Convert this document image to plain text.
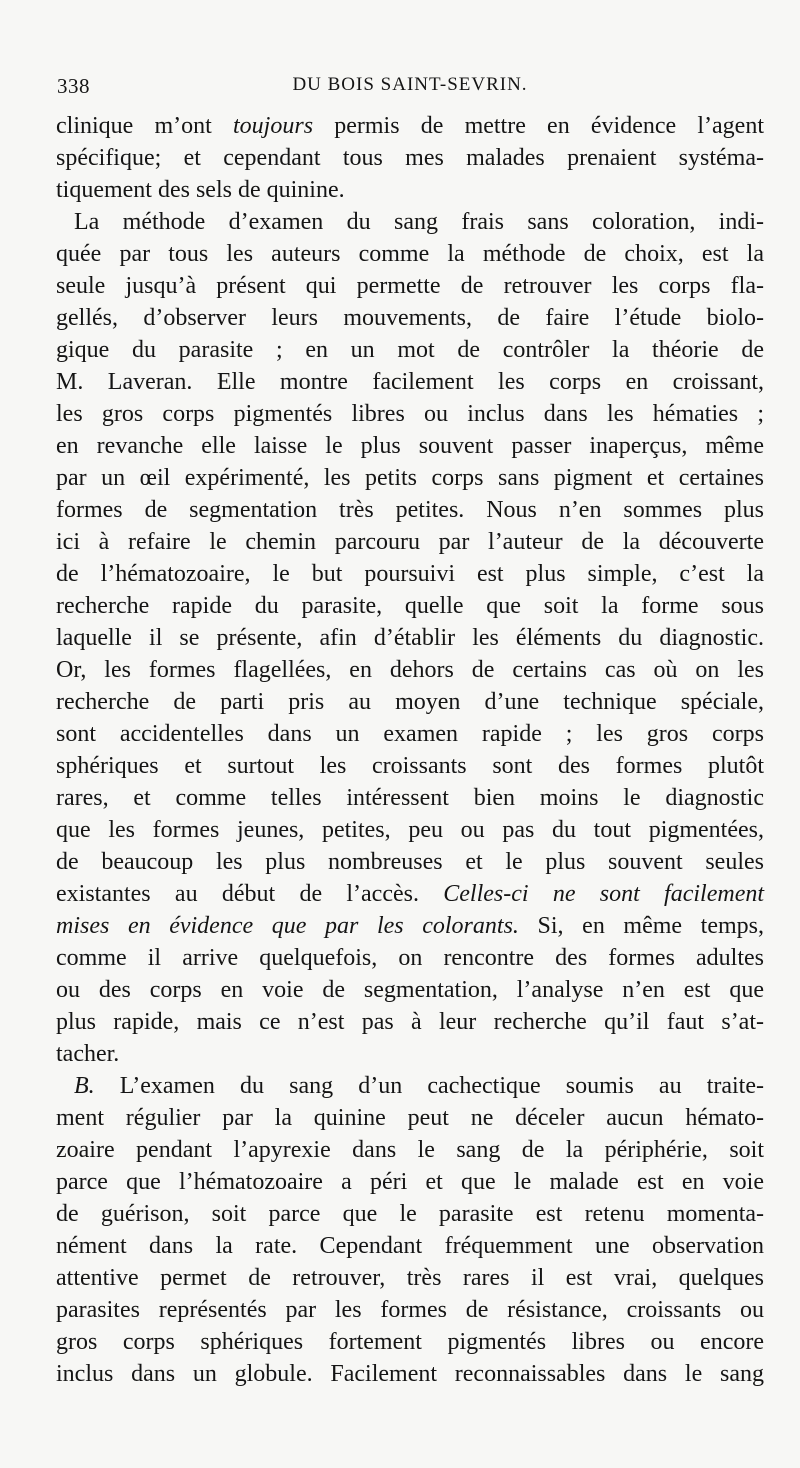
338	DU BOIS SAINT-SEVRIN.
clinique m’ont toujours permis de mettre en évidence l’agent
spécifique; et cependant tous mes malades prenaient systéma-
tiquement des sels de quinine.
La méthode d’examen du sang frais sans coloration, indi-
quée par tous les auteurs comme la méthode de choix, est la
seule jusqu’à présent qui permette de retrouver les corps fla-
gellés, d’observer leurs mouvements, de faire l’étude biolo-
gique du parasite ; en un mot de contrôler la théorie de
M. Laveran. Elle montre facilement les corps en croissant,
les gros corps pigmentés libres ou inclus dans les hématies ;
en revanche elle laisse le plus souvent passer inaperçus, même
par un œil expérimenté, les petits corps sans pigment et certaines
formes de segmentation très petites. Nous n’en sommes plus
ici à refaire le chemin parcouru par l’auteur de la découverte
de l’hématozoaire, le but poursuivi est plus simple, c’est la
recherche rapide du parasite, quelle que soit la forme sous
laquelle il se présente, afin d’établir les éléments du diagnostic.
Or, les formes flagellées, en dehors de certains cas où on les
recherche de parti pris au moyen d’une technique spéciale,
sont accidentelles dans un examen rapide ; les gros corps
sphériques et surtout les croissants sont des formes plutôt
rares, et comme telles intéressent bien moins le diagnostic
que les formes jeunes, petites, peu ou pas du tout pigmentées,
de beaucoup les plus nombreuses et le plus souvent seules
existantes au début de l’accès. Celles-ci ne sont facilement
mises en évidence que par les colorants. Si, en même temps,
comme il arrive quelquefois, on rencontre des formes adultes
ou des corps en voie de segmentation, l’analyse n’en est que
plus rapide, mais ce n’est pas à leur recherche qu’il faut s’at-
tacher.
B. L’examen du sang d’un cachectique soumis au traite-
ment régulier par la quinine peut ne déceler aucun hémato-
zoaire pendant l’apyrexie dans le sang de la périphérie, soit
parce que l’hématozoaire a péri et que le malade est en voie
de guérison, soit parce que le parasite est retenu momenta-
nément dans la rate. Cependant fréquemment une observation
attentive permet de retrouver, très rares il est vrai, quelques
parasites représentés par les formes de résistance, croissants ou
gros corps sphériques fortement pigmentés libres ou encore
inclus dans un globule. Facilement reconnaissables dans le sang
